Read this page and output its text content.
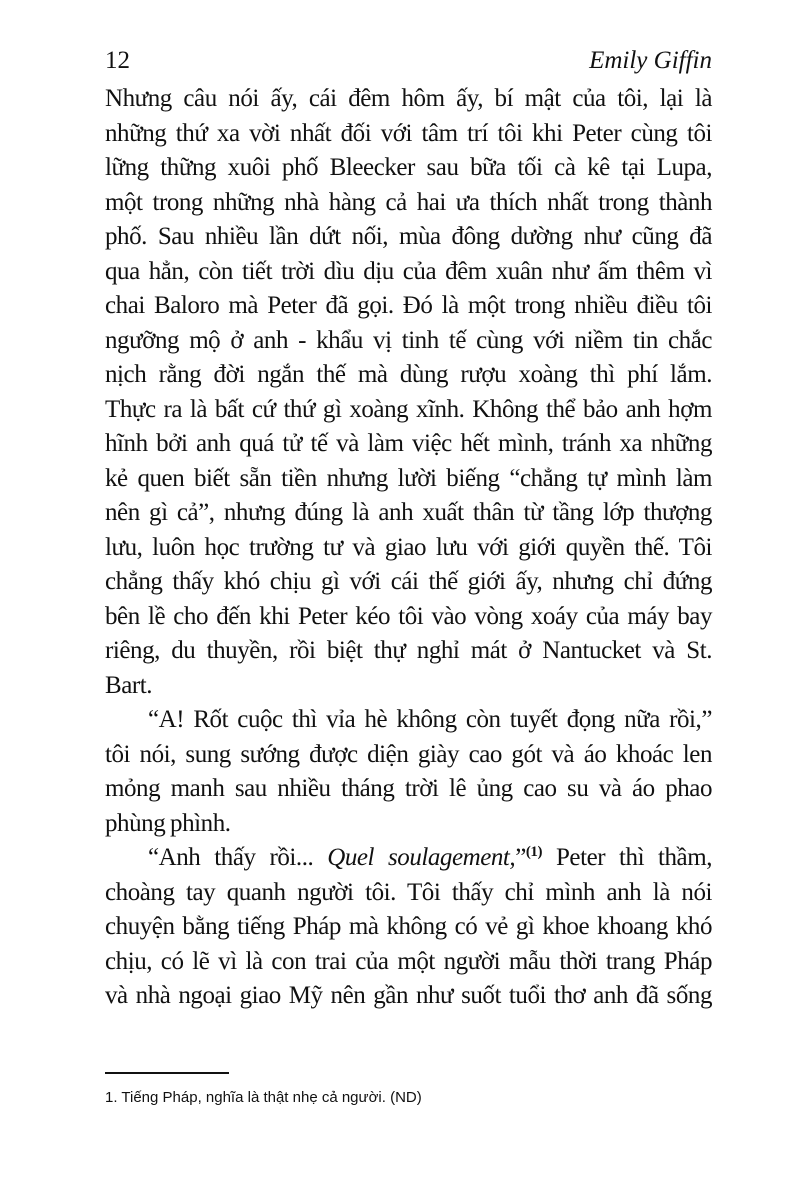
12	Emily Giffin
Nhưng câu nói ấy, cái đêm hôm ấy, bí mật của tôi, lại là
những thứ xa vời nhất đối với tâm trí tôi khi Peter cùng tôi
lững thững xuôi phố Bleecker sau bữa tối cà kê tại Lupa,
một trong những nhà hàng cả hai ưa thích nhất trong thành
phố. Sau nhiều lần dứt nối, mùa đông dường như cũng đã
qua hẳn, còn tiết trời dìu dịu của đêm xuân như ấm thêm vì
chai Baloro mà Peter đã gọi. Đó là một trong nhiều điều tôi
ngưỡng mộ ở anh - khẩu vị tinh tế cùng với niềm tin chắc
nịch rằng đời ngắn thế mà dùng rượu xoàng thì phí lắm.
Thực ra là bất cứ thứ gì xoàng xĩnh. Không thể bảo anh hợm
hĩnh bởi anh quá tử tế và làm việc hết mình, tránh xa những
kẻ quen biết sẵn tiền nhưng lười biếng “chẳng tự mình làm
nên gì cả”, nhưng đúng là anh xuất thân từ tầng lớp thượng
lưu, luôn học trường tư và giao lưu với giới quyền thế. Tôi
chẳng thấy khó chịu gì với cái thế giới ấy, nhưng chỉ đứng
bên lề cho đến khi Peter kéo tôi vào vòng xoáy của máy bay
riêng, du thuyền, rồi biệt thự nghỉ mát ở Nantucket và St.
Bart.
“A! Rốt cuộc thì vỉa hè không còn tuyết đọng nữa rồi,”
tôi nói, sung sướng được diện giày cao gót và áo khoác len
mỏng manh sau nhiều tháng trời lê ủng cao su và áo phao
phùng phình.
“Anh thấy rồi... Quel soulagement,”$^{(1)}$ Peter thì thầm,
choàng tay quanh người tôi. Tôi thấy chỉ mình anh là nói
chuyện bằng tiếng Pháp mà không có vẻ gì khoe khoang khó
chịu, có lẽ vì là con trai của một người mẫu thời trang Pháp
và nhà ngoại giao Mỹ nên gần như suốt tuổi thơ anh đã sống
1. Tiếng Pháp, nghĩa là thật nhẹ cả người. (ND)
